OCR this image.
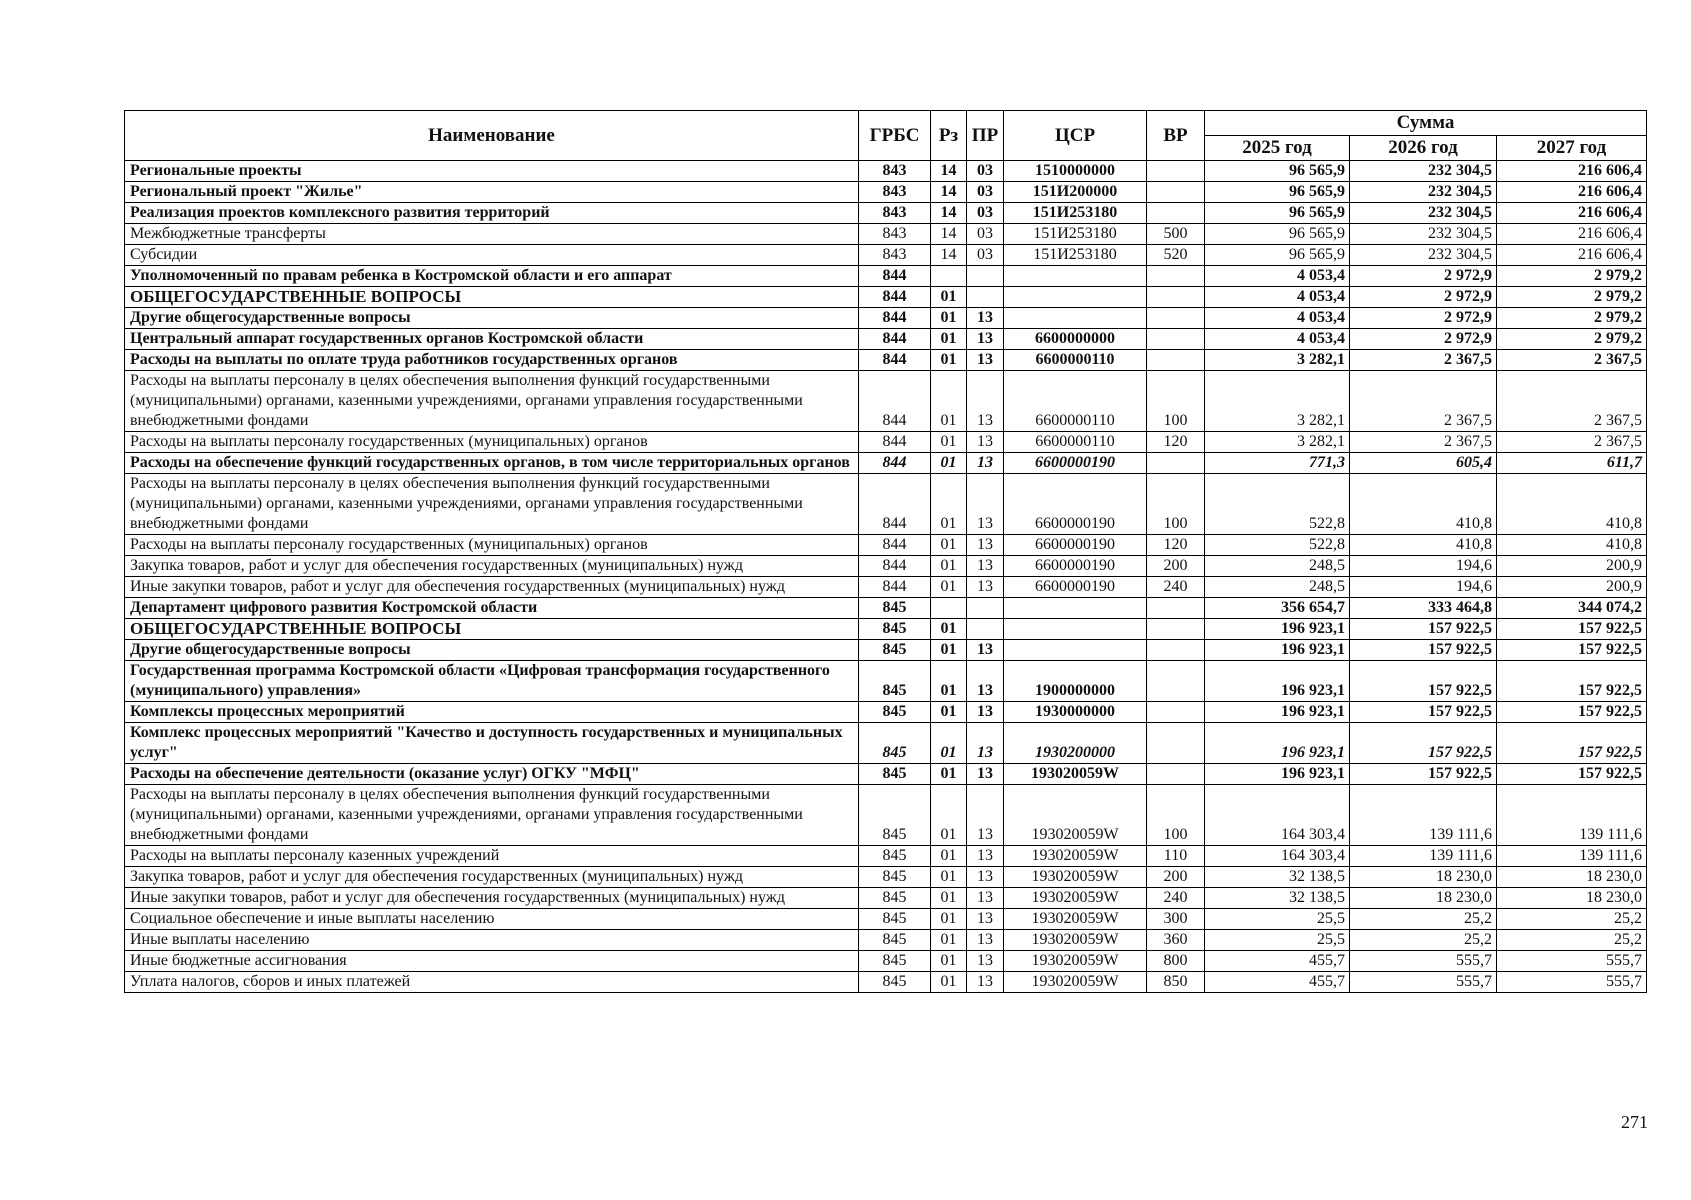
Наименование	ГРБС	Рз	ПР	ЦСР	ВР	Сумма		
						2025 год	2026 год	2027 год
Региональные проекты	843	14	03	1510000000		96 565,9	232 304,5	216 606,4
Региональный проект "Жилье"	843	14	03	151И200000		96 565,9	232 304,5	216 606,4
Реализация проектов комплексного развития территорий	843	14	03	151И253180		96 565,9	232 304,5	216 606,4
Межбюджетные трансферты	843	14	03	151И253180	500	96 565,9	232 304,5	216 606,4
Субсидии	843	14	03	151И253180	520	96 565,9	232 304,5	216 606,4
Уполномоченный по правам ребенка в Костромской области и его аппарат	844					4 053,4	2 972,9	2 979,2
ОБЩЕГОСУДАРСТВЕННЫЕ ВОПРОСЫ	844	01				4 053,4	2 972,9	2 979,2
Другие общегосударственные вопросы	844	01	13			4 053,4	2 972,9	2 979,2
Центральный аппарат государственных органов Костромской области	844	01	13	6600000000		4 053,4	2 972,9	2 979,2
Расходы на выплаты по оплате труда работников государственных органов	844	01	13	6600000110		3 282,1	2 367,5	2 367,5
Расходы на выплаты персоналу в целях обеспечения выполнения функций государственными (муниципальными) органами, казенными учреждениями, органами управления государственными внебюджетными фондами	844	01	13	6600000110	100	3 282,1	2 367,5	2 367,5
Расходы на выплаты персоналу государственных (муниципальных) органов	844	01	13	6600000110	120	3 282,1	2 367,5	2 367,5
Расходы на обеспечение функций государственных органов, в том числе территориальных органов	844	01	13	6600000190		771,3	605,4	611,7
Расходы на выплаты персоналу в целях обеспечения выполнения функций государственными (муниципальными) органами, казенными учреждениями, органами управления государственными внебюджетными фондами	844	01	13	6600000190	100	522,8	410,8	410,8
Расходы на выплаты персоналу государственных (муниципальных) органов	844	01	13	6600000190	120	522,8	410,8	410,8
Закупка товаров, работ и услуг для обеспечения государственных (муниципальных) нужд	844	01	13	6600000190	200	248,5	194,6	200,9
Иные закупки товаров, работ и услуг для обеспечения государственных (муниципальных) нужд	844	01	13	6600000190	240	248,5	194,6	200,9
Департамент цифрового развития Костромской области	845					356 654,7	333 464,8	344 074,2
ОБЩЕГОСУДАРСТВЕННЫЕ ВОПРОСЫ	845	01				196 923,1	157 922,5	157 922,5
Другие общегосударственные вопросы	845	01	13			196 923,1	157 922,5	157 922,5
Государственная программа Костромской области «Цифровая трансформация государственного (муниципального) управления»	845	01	13	1900000000		196 923,1	157 922,5	157 922,5
Комплексы процессных мероприятий	845	01	13	1930000000		196 923,1	157 922,5	157 922,5
Комплекс процессных мероприятий "Качество и доступность государственных и муниципальных услуг"	845	01	13	1930200000		196 923,1	157 922,5	157 922,5
Расходы на обеспечение деятельности (оказание услуг) ОГКУ "МФЦ"	845	01	13	193020059W		196 923,1	157 922,5	157 922,5
Расходы на выплаты персоналу в целях обеспечения выполнения функций государственными (муниципальными) органами, казенными учреждениями, органами управления государственными внебюджетными фондами	845	01	13	193020059W	100	164 303,4	139 111,6	139 111,6
Расходы на выплаты персоналу казенных учреждений	845	01	13	193020059W	110	164 303,4	139 111,6	139 111,6
Закупка товаров, работ и услуг для обеспечения государственных (муниципальных) нужд	845	01	13	193020059W	200	32 138,5	18 230,0	18 230,0
Иные закупки товаров, работ и услуг для обеспечения государственных (муниципальных) нужд	845	01	13	193020059W	240	32 138,5	18 230,0	18 230,0
Социальное обеспечение и иные выплаты населению	845	01	13	193020059W	300	25,5	25,2	25,2
Иные выплаты населению	845	01	13	193020059W	360	25,5	25,2	25,2
Иные бюджетные ассигнования	845	01	13	193020059W	800	455,7	555,7	555,7
Уплата налогов, сборов и иных платежей	845	01	13	193020059W	850	455,7	555,7	555,7
271
